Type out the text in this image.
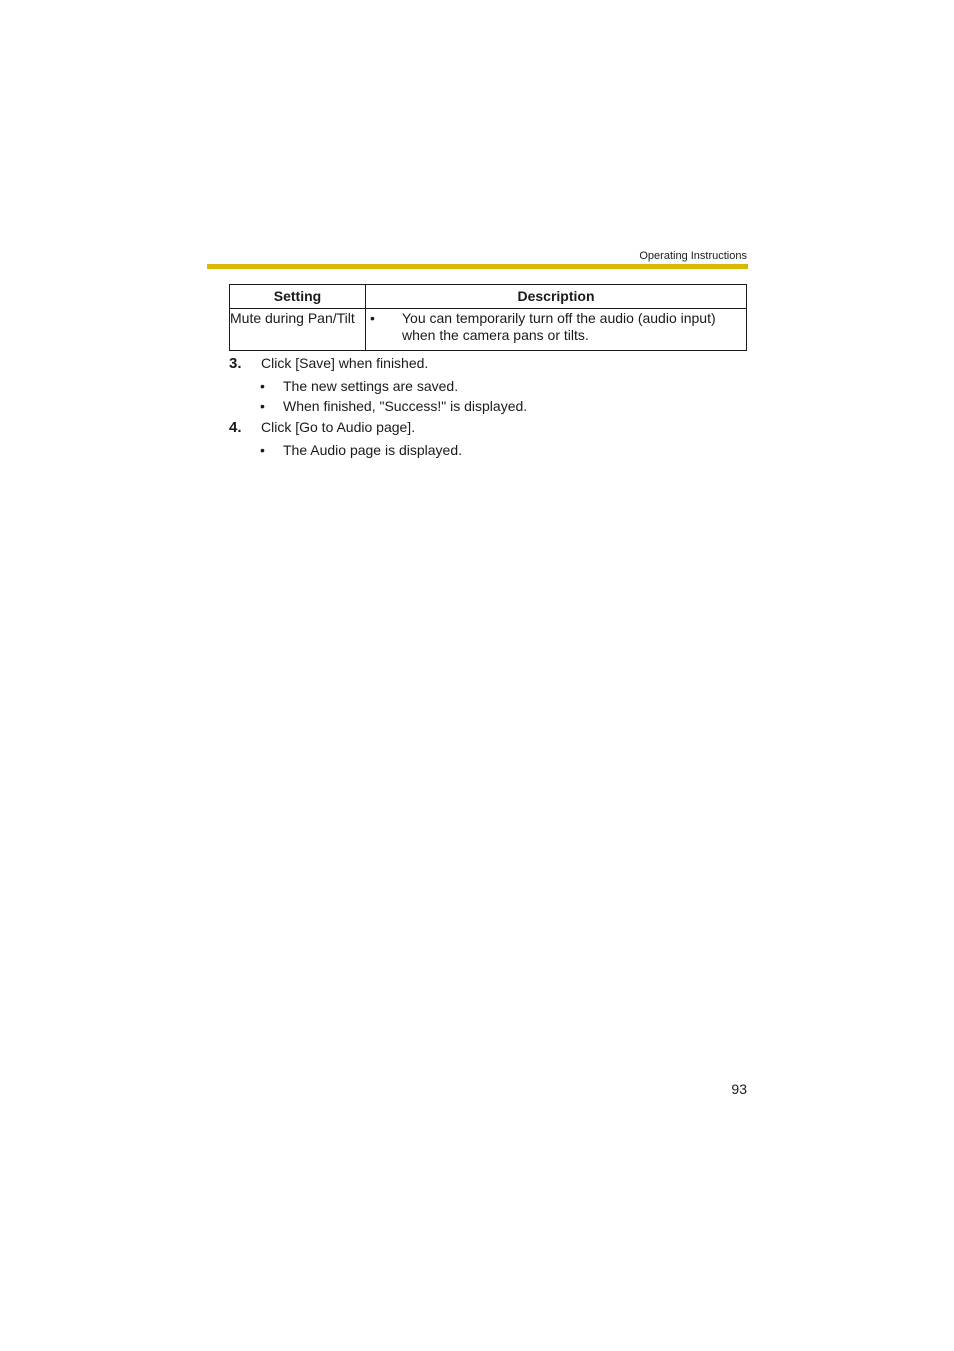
Operating Instructions
Setting	Description
Mute during Pan/Tilt	• You can temporarily turn off the audio (audio input) when the camera pans or tilts.
3.	Click [Save] when finished.
•	The new settings are saved.
•	When finished, "Success!" is displayed.
4.	Click [Go to Audio page].
•	The Audio page is displayed.
93
